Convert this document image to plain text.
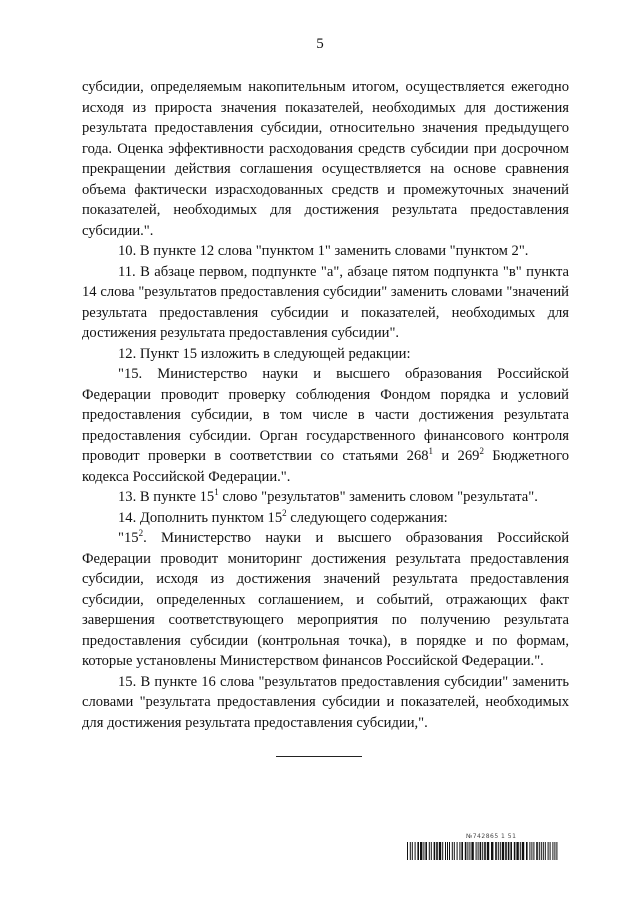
5

субсидии, определяемым накопительным итогом, осуществляется ежегодно исходя из прироста значения показателей, необходимых для достижения результата предоставления субсидии, относительно значения предыдущего года. Оценка эффективности расходования средств субсидии при досрочном прекращении действия соглашения осуществляется на основе сравнения объема фактически израсходованных средств и промежуточных значений показателей, необходимых для достижения результата предоставления субсидии.".

10. В пункте 12 слова "пунктом 1" заменить словами "пунктом 2".

11. В абзаце первом, подпункте "а", абзаце пятом подпункта "в" пункта 14 слова "результатов предоставления субсидии" заменить словами "значений результата предоставления субсидии и показателей, необходимых для достижения результата предоставления субсидии".

12. Пункт 15 изложить в следующей редакции:

"15. Министерство науки и высшего образования Российской Федерации проводит проверку соблюдения Фондом порядка и условий предоставления субсидии, в том числе в части достижения результата предоставления субсидии. Орган государственного финансового контроля проводит проверки в соответствии со статьями $268^1$ и $269^2$ Бюджетного кодекса Российской Федерации.".

13. В пункте $15^1$ слово "результатов" заменить словом "результата".

14. Дополнить пунктом $15^2$ следующего содержания:

"$15^2$. Министерство науки и высшего образования Российской Федерации проводит мониторинг достижения результата предоставления субсидии, исходя из достижения значений результата предоставления субсидии, определенных соглашением, и событий, отражающих факт завершения соответствующего мероприятия по получению результата предоставления субсидии (контрольная точка), в порядке и по формам, которые установлены Министерством финансов Российской Федерации.".

15. В пункте 16 слова "результатов предоставления субсидии" заменить словами "результата предоставления субсидии и показателей, необходимых для достижения результата предоставления субсидии,".

№742865 1 51
